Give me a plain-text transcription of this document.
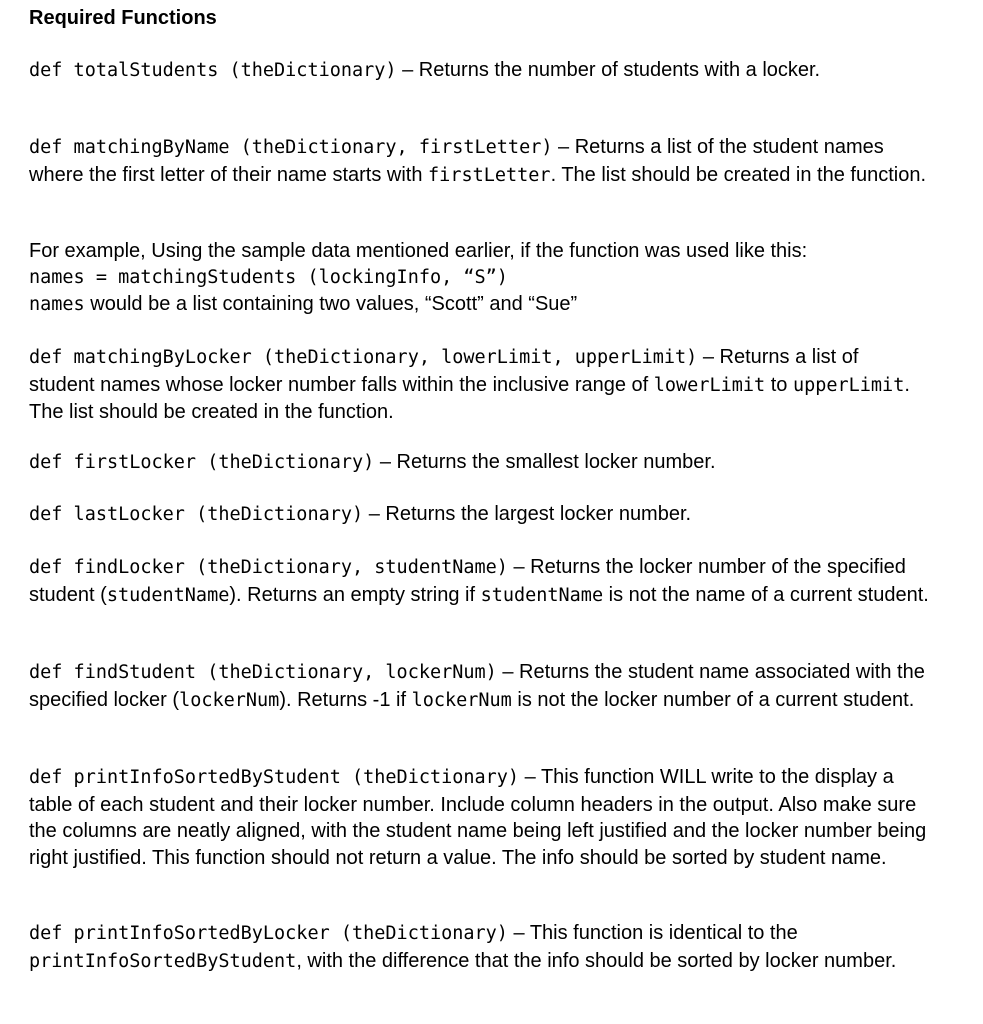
Required Functions
def totalStudents (theDictionary) – Returns the number of students with a locker.
def matchingByName (theDictionary, firstLetter) – Returns a list of the student names where the first letter of their name starts with firstLetter. The list should be created in the function.
For example, Using the sample data mentioned earlier, if the function was used like this:
names = matchingStudents (lockingInfo, “S”)
names would be a list containing two values, “Scott” and “Sue”
def matchingByLocker (theDictionary, lowerLimit, upperLimit) – Returns a list of student names whose locker number falls within the inclusive range of lowerLimit to upperLimit. The list should be created in the function.
def firstLocker (theDictionary) – Returns the smallest locker number.
def lastLocker (theDictionary) – Returns the largest locker number.
def findLocker (theDictionary, studentName) – Returns the locker number of the specified student (studentName). Returns an empty string if studentName is not the name of a current student.
def findStudent (theDictionary, lockerNum) – Returns the student name associated with the specified locker (lockerNum). Returns -1 if lockerNum is not the locker number of a current student.
def printInfoSortedByStudent (theDictionary) – This function WILL write to the display a table of each student and their locker number. Include column headers in the output. Also make sure the columns are neatly aligned, with the student name being left justified and the locker number being right justified. This function should not return a value. The info should be sorted by student name.
def printInfoSortedByLocker (theDictionary) – This function is identical to the printInfoSortedByStudent, with the difference that the info should be sorted by locker number.
